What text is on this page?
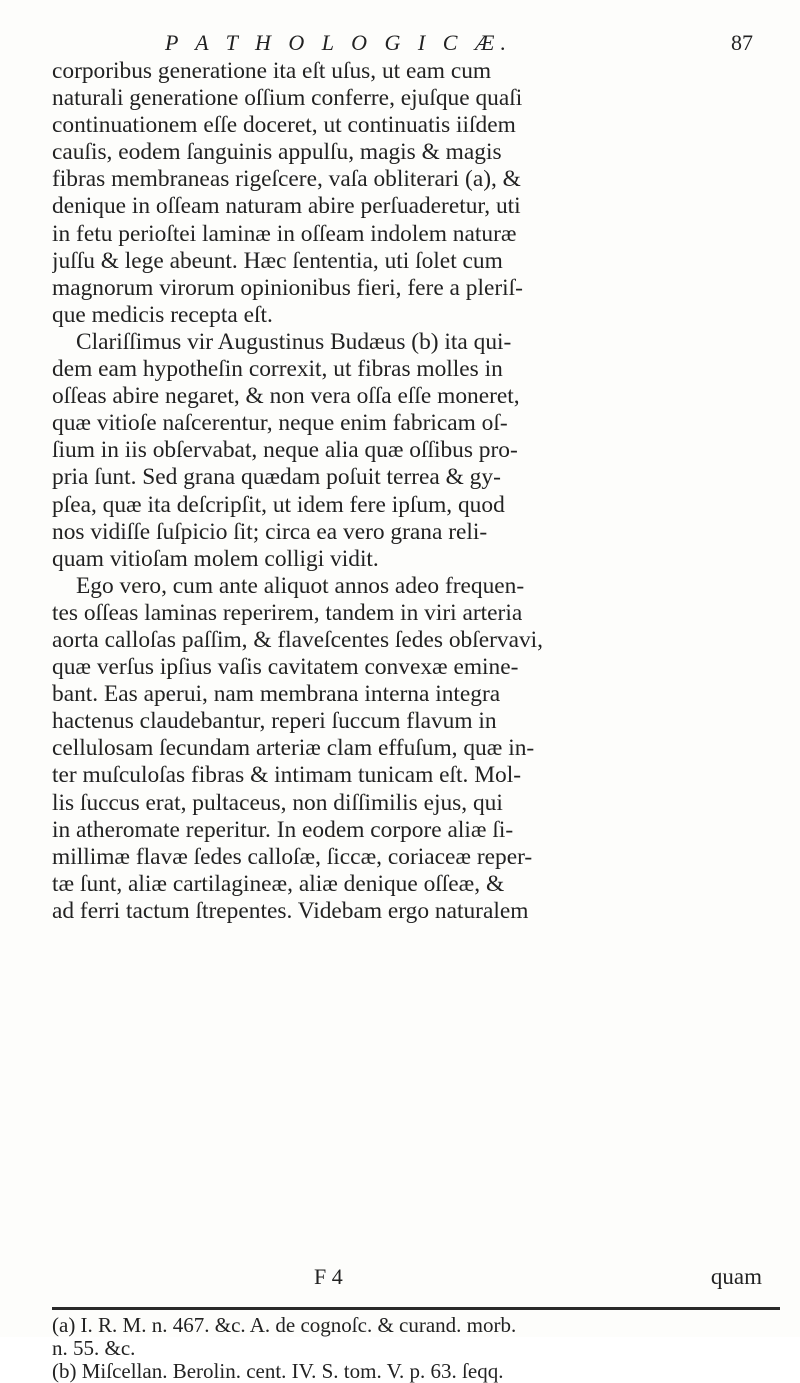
P A T H O L O G I C Æ.	87
corporibus generatione ita eſt uſus, ut eam cum
naturali generatione oſſium conferre, ejuſque quaſi
continuationem eſſe doceret, ut continuatis iiſdem
cauſis, eodem ſanguinis appulſu, magis & magis
fibras membraneas rigeſcere, vaſa obliterari (a), &
denique in oſſeam naturam abire perſuaderetur, uti
in fetu perioſtei laminæ in oſſeam indolem naturæ
juſſu & lege abeunt. Hæc ſententia, uti ſolet cum
magnorum virorum opinionibus fieri, fere a pleriſ-
que medicis recepta eſt.
Clariſſimus vir Augustinus Budæus (b) ita qui-
dem eam hypotheſin correxit, ut fibras molles in
oſſeas abire negaret, & non vera oſſa eſſe moneret,
quæ vitioſe naſcerentur, neque enim fabricam oſ-
ſium in iis obſervabat, neque alia quæ oſſibus pro-
pria ſunt. Sed grana quædam poſuit terrea & gy-
pſea, quæ ita deſcripſit, ut idem fere ipſum, quod
nos vidiſſe ſuſpicio ſit; circa ea vero grana reli-
quam vitioſam molem colligi vidit.
Ego vero, cum ante aliquot annos adeo frequen-
tes oſſeas laminas reperirem, tandem in viri arteria
aorta calloſas paſſim, & flaveſcentes ſedes obſervavi,
quæ verſus ipſius vaſis cavitatem convexæ emine-
bant. Eas aperui, nam membrana interna integra
hactenus claudebantur, reperi ſuccum flavum in
cellulosam ſecundam arteriæ clam effuſum, quæ in-
ter muſculoſas fibras & intimam tunicam eſt. Mol-
lis ſuccus erat, pultaceus, non diſſimilis ejus, qui
in atheromate reperitur. In eodem corpore aliæ ſi-
millimæ flavæ ſedes calloſæ, ſiccæ, coriaceæ reper-
tæ ſunt, aliæ cartilagineæ, aliæ denique oſſeæ, &
ad ferri tactum ſtrepentes. Videbam ergo naturalem
F 4	quam
(a) I. R. M. n. 467. &c. A. de cognoſc. & curand. morb.
n. 55. &c.
(b) Miſcellan. Berolin. cent. IV. S. tom. V. p. 63. ſeqq.
